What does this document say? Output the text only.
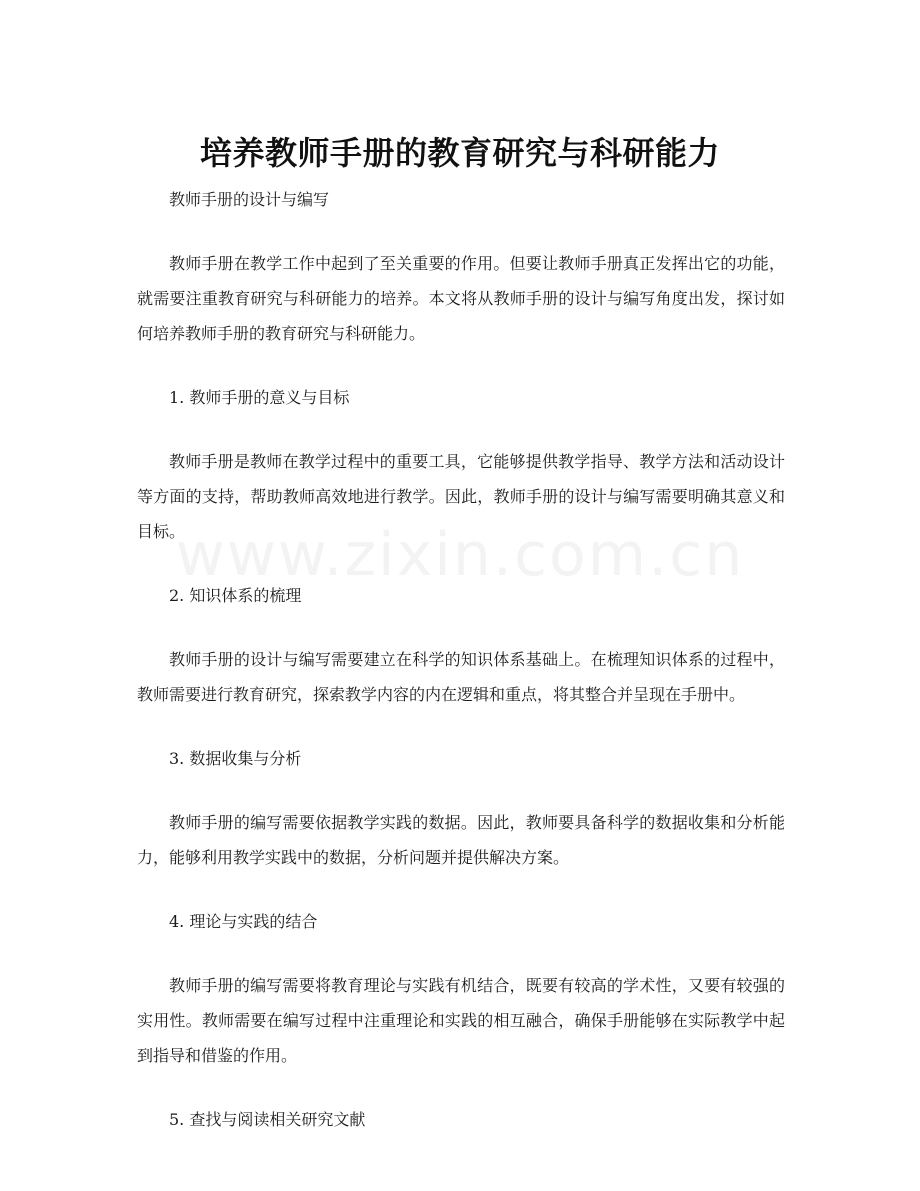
www.zixin.com.cn
培养教师手册的教育研究与科研能力

教师手册的设计与编写

教师手册在教学工作中起到了至关重要的作用。但要让教师手册真正发挥出它的功能，就需要注重教育研究与科研能力的培养。本文将从教师手册的设计与编写角度出发，探讨如何培养教师手册的教育研究与科研能力。

1. 教师手册的意义与目标

教师手册是教师在教学过程中的重要工具，它能够提供教学指导、教学方法和活动设计等方面的支持，帮助教师高效地进行教学。因此，教师手册的设计与编写需要明确其意义和目标。

2. 知识体系的梳理

教师手册的设计与编写需要建立在科学的知识体系基础上。在梳理知识体系的过程中，教师需要进行教育研究，探索教学内容的内在逻辑和重点，将其整合并呈现在手册中。

3. 数据收集与分析

教师手册的编写需要依据教学实践的数据。因此，教师要具备科学的数据收集和分析能力，能够利用教学实践中的数据，分析问题并提供解决方案。

4. 理论与实践的结合

教师手册的编写需要将教育理论与实践有机结合，既要有较高的学术性，又要有较强的实用性。教师需要在编写过程中注重理论和实践的相互融合，确保手册能够在实际教学中起到指导和借鉴的作用。

5. 查找与阅读相关研究文献
